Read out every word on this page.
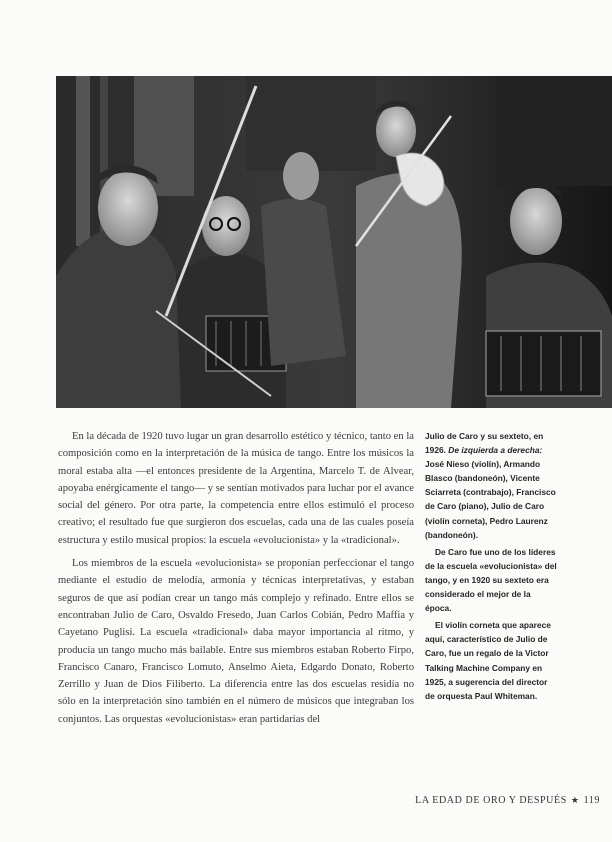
En la década de 1920 tuvo lugar un gran desarrollo estético y técnico, tanto en la composición como en la interpretación de la música de tango. Entre los músicos la moral estaba alta —el entonces presidente de la Argentina, Marcelo T. de Alvear, apoyaba enérgicamente el tango— y se sentían motivados para luchar por el avance social del género. Por otra parte, la competencia entre ellos estimuló el proceso creativo; el resultado fue que surgieron dos escuelas, cada una de las cuales poseía estructura y estilo musical propios: la escuela «evolucionista» y la «tradicional».

Los miembros de la escuela «evolucionista» se proponían perfeccionar el tango mediante el estudio de melodía, armonía y técnicas interpretativas, y estaban seguros de que así podían crear un tango más complejo y refinado. Entre ellos se encontraban Julio de Caro, Osvaldo Fresedo, Juan Carlos Cobián, Pedro Maffia y Cayetano Puglisi. La escuela «tradicional» daba mayor importancia al ritmo, y producía un tango mucho más bailable. Entre sus miembros estaban Roberto Firpo, Francisco Canaro, Francisco Lomuto, Anselmo Aieta, Edgardo Donato, Roberto Zerrillo y Juan de Dios Filiberto. La diferencia entre las dos escuelas residía no sólo en la interpretación sino también en el número de músicos que integraban los conjuntos. Las orquestas «evolucionistas» eran partidarias del

Julio de Caro y su sexteto, en 1926. De izquierda a derecha: José Nieso (violín), Armando Blasco (bandoneón), Vicente Sciarreta (contrabajo), Francisco de Caro (piano), Julio de Caro (violín corneta), Pedro Laurenz (bandoneón).

De Caro fue uno de los líderes de la escuela «evolucionista» del tango, y en 1920 su sexteto era considerado el mejor de la época.

El violín corneta que aparece aquí, característico de Julio de Caro, fue un regalo de la Victor Talking Machine Company en 1925, a sugerencia del director de orquesta Paul Whiteman.

LA EDAD DE ORO Y DESPUÉS ★ 119
